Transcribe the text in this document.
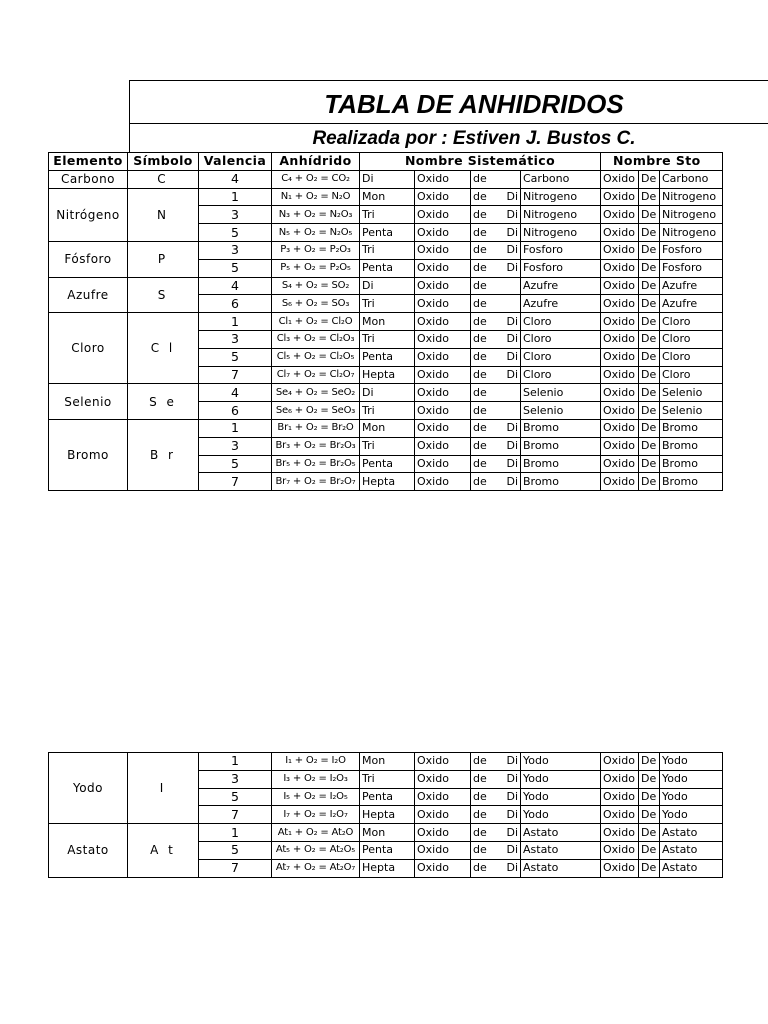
TABLA DE ANHIDRIDOS
Realizada por : Estiven J. Bustos C.
Elemento	Símbolo	Valencia	Anhídrido	Nombre Sistemático					Nombre Sto		
Carbono	C	4	C₄ + O₂ = CO₂	Di	Oxido	de		Carbono	Oxido	De	Carbono
Nitrógeno	N	1	N₁ + O₂ = N₂O	Mon	Oxido	de	Di	Nitrogeno	Oxido	De	Nitrogeno
		3	N₃ + O₂ = N₂O₃	Tri	Oxido	de	Di	Nitrogeno	Oxido	De	Nitrogeno
		5	N₅ + O₂ = N₂O₅	Penta	Oxido	de	Di	Nitrogeno	Oxido	De	Nitrogeno
Fósforo	P	3	P₃ + O₂ = P₂O₃	Tri	Oxido	de	Di	Fosforo	Oxido	De	Fosforo
		5	P₅ + O₂ = P₂O₅	Penta	Oxido	de	Di	Fosforo	Oxido	De	Fosforo
Azufre	S	4	S₄ + O₂ = SO₂	Di	Oxido	de		Azufre	Oxido	De	Azufre
		6	S₆ + O₂ = SO₃	Tri	Oxido	de		Azufre	Oxido	De	Azufre
Cloro	C l	1	Cl₁ + O₂ = Cl₂O	Mon	Oxido	de	Di	Cloro	Oxido	De	Cloro
		3	Cl₃ + O₂ = Cl₂O₃	Tri	Oxido	de	Di	Cloro	Oxido	De	Cloro
		5	Cl₅ + O₂ = Cl₂O₅	Penta	Oxido	de	Di	Cloro	Oxido	De	Cloro
		7	Cl₇ + O₂ = Cl₂O₇	Hepta	Oxido	de	Di	Cloro	Oxido	De	Cloro
Selenio	S e	4	Se₄ + O₂ = SeO₂	Di	Oxido	de		Selenio	Oxido	De	Selenio
		6	Se₆ + O₂ = SeO₃	Tri	Oxido	de		Selenio	Oxido	De	Selenio
Bromo	B r	1	Br₁ + O₂ = Br₂O	Mon	Oxido	de	Di	Bromo	Oxido	De	Bromo
		3	Br₃ + O₂ = Br₂O₃	Tri	Oxido	de	Di	Bromo	Oxido	De	Bromo
		5	Br₅ + O₂ = Br₂O₅	Penta	Oxido	de	Di	Bromo	Oxido	De	Bromo
		7	Br₇ + O₂ = Br₂O₇	Hepta	Oxido	de	Di	Bromo	Oxido	De	Bromo
Yodo	I	1	I₁ + O₂ = I₂O	Mon	Oxido	de	Di	Yodo	Oxido	De	Yodo
		3	I₃ + O₂ = I₂O₃	Tri	Oxido	de	Di	Yodo	Oxido	De	Yodo
		5	I₅ + O₂ = I₂O₅	Penta	Oxido	de	Di	Yodo	Oxido	De	Yodo
		7	I₇ + O₂ = I₂O₇	Hepta	Oxido	de	Di	Yodo	Oxido	De	Yodo
Astato	A t	1	At₁ + O₂ = At₂O	Mon	Oxido	de	Di	Astato	Oxido	De	Astato
		5	At₅ + O₂ = At₂O₅	Penta	Oxido	de	Di	Astato	Oxido	De	Astato
		7	At₇ + O₂ = At₂O₇	Hepta	Oxido	de	Di	Astato	Oxido	De	Astato
